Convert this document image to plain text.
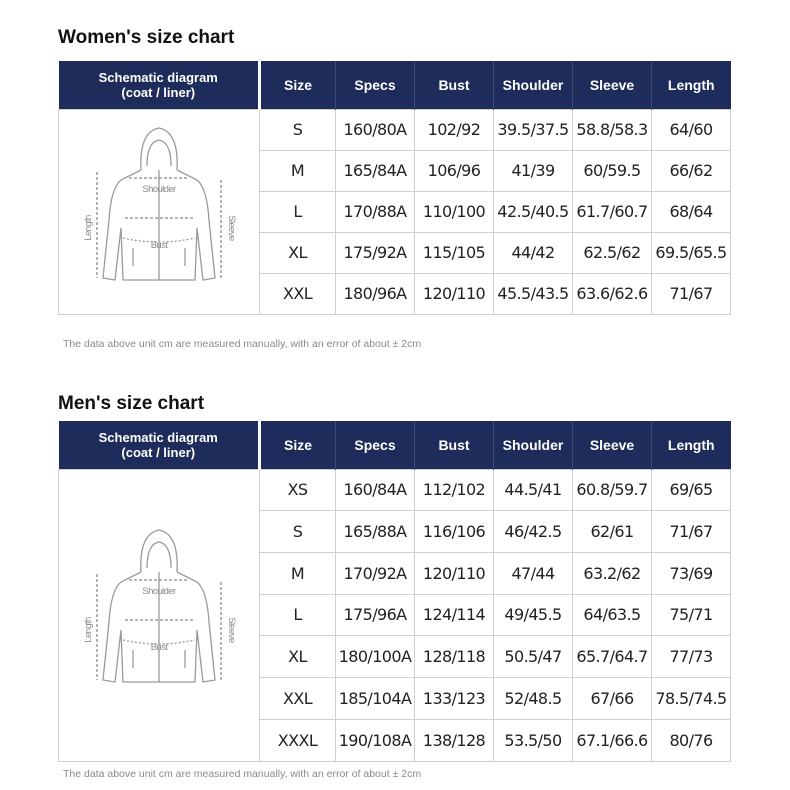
Women's size chart
Schematic diagram
(coat / liner)	Size	Specs	Bust	Shoulder	Sleeve	Length

Shoulder
Bust
Length Sleeve	S	160/80A	102/92	39.5/37.5	58.8/58.3	64/60
	M	165/84A	106/96	41/39	60/59.5	66/62
	L	170/88A	110/100	42.5/40.5	61.7/60.7	68/64
	XL	175/92A	115/105	44/42	62.5/62	69.5/65.5
	XXL	180/96A	120/110	45.5/43.5	63.6/62.6	71/67
The data above unit cm are measured manually, with an error of about ± 2cm
Men's size chart
Schematic diagram
(coat / liner)	Size	Specs	Bust	Shoulder	Sleeve	Length

Shoulder
Bust
Length Sleeve	XS	160/84A	112/102	44.5/41	60.8/59.7	69/65
	S	165/88A	116/106	46/42.5	62/61	71/67
	M	170/92A	120/110	47/44	63.2/62	73/69
	L	175/96A	124/114	49/45.5	64/63.5	75/71
	XL	180/100A	128/118	50.5/47	65.7/64.7	77/73
	XXL	185/104A	133/123	52/48.5	67/66	78.5/74.5
	XXXL	190/108A	138/128	53.5/50	67.1/66.6	80/76
The data above unit cm are measured manually, with an error of about ± 2cm
